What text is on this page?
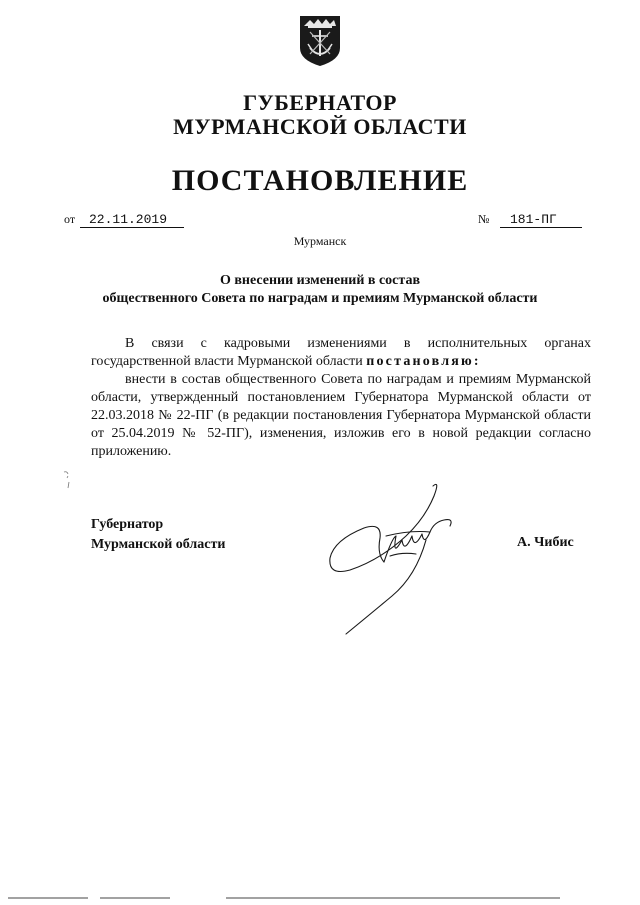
ГУБЕРНАТОР
МУРМАНСКОЙ ОБЛАСТИ
ПОСТАНОВЛЕНИЕ
от 22.11.2019	№ 181-ПГ
Мурманск
О внесении изменений в состав
общественного Совета по наградам и премиям Мурманской области
В связи с кадровыми изменениями в исполнительных органах государственной власти Мурманской области постановляю:
внести в состав общественного Совета по наградам и премиям Мурманской области, утвержденный постановлением Губернатора Мурманской области от 22.03.2018 № 22-ПГ (в редакции постановления Губернатора Мурманской области от 25.04.2019 № 52-ПГ), изменения, изложив его в новой редакции согласно приложению.
Губернатор
Мурманской области	А. Чибис
